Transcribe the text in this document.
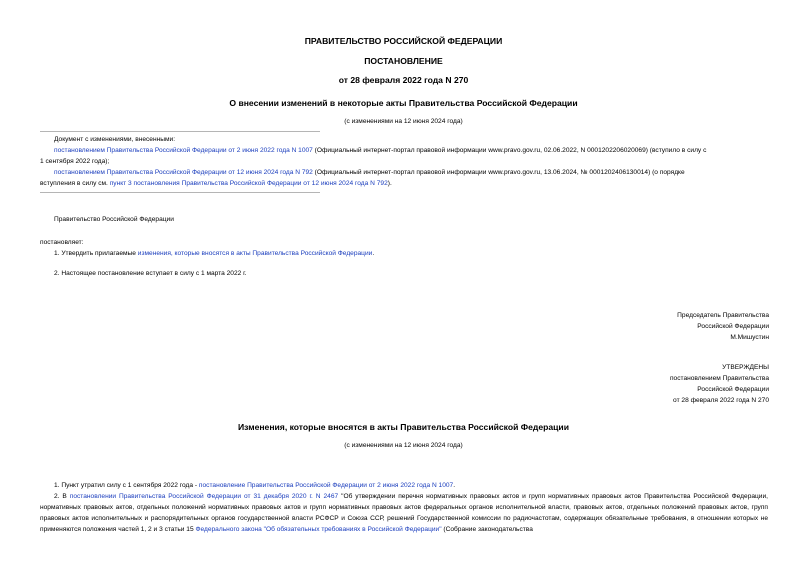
ПРАВИТЕЛЬСТВО РОССИЙСКОЙ ФЕДЕРАЦИИ
ПОСТАНОВЛЕНИЕ
от 28 февраля 2022 года N 270
О внесении изменений в некоторые акты Правительства Российской Федерации
(с изменениями на 12 июня 2024 года)
Документ с изменениями, внесенными:
постановлением Правительства Российской Федерации от 2 июня 2022 года N 1007 (Официальный интернет-портал правовой информации www.pravo.gov.ru, 02.06.2022, N 0001202206020069) (вступило в силу с
1 сентября 2022 года);
постановлением Правительства Российской Федерации от 12 июня 2024 года N 792 (Официальный интернет-портал правовой информации www.pravo.gov.ru, 13.06.2024, № 0001202406130014) (о порядке
вступления в силу см. пункт 3 постановления Правительства Российской Федерации от 12 июня 2024 года N 792).
Правительство Российской Федерации
постановляет:
1. Утвердить прилагаемые изменения, которые вносятся в акты Правительства Российской Федерации.
2. Настоящее постановление вступает в силу с 1 марта 2022 г.
Председатель Правительства
Российской Федерации
М.Мишустин
УТВЕРЖДЕНЫ
постановлением Правительства
Российской Федерации
от 28 февраля 2022 года N 270
Изменения, которые вносятся в акты Правительства Российской Федерации
(с изменениями на 12 июня 2024 года)
1. Пункт утратил силу с 1 сентября 2022 года - постановление Правительства Российской Федерации от 2 июня 2022 года N 1007.
2. В постановлении Правительства Российской Федерации от 31 декабря 2020 г. N 2467 "Об утверждении перечня нормативных правовых актов и групп нормативных правовых актов Правительства Российской Федерации, нормативных правовых актов, отдельных положений нормативных правовых актов и групп нормативных правовых актов федеральных органов исполнительной власти, правовых актов, отдельных положений правовых актов, групп правовых актов исполнительных и распорядительных органов государственной власти РСФСР и Союза ССР, решений Государственной комиссии по радиочастотам, содержащих обязательные требования, в отношении которых не применяются положения частей 1, 2 и 3 статьи 15 Федерального закона "Об обязательных требованиях в Российской Федерации" (Собрание законодательства
